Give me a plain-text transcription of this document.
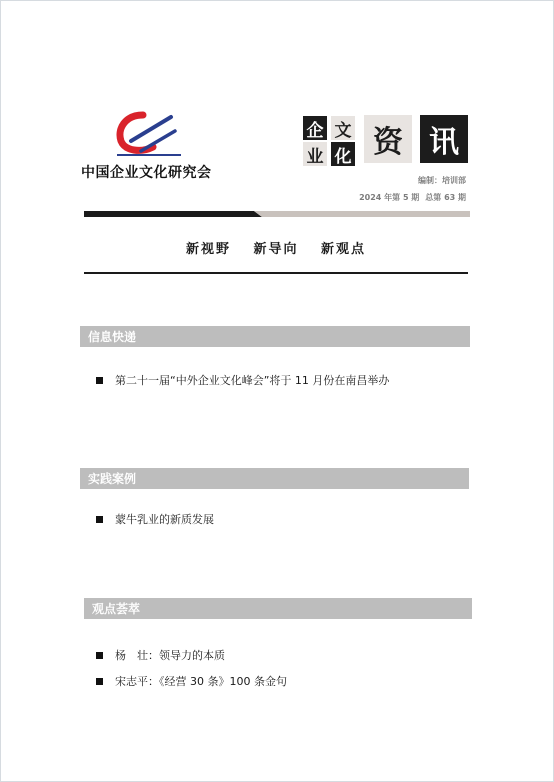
中国企业文化研究会
企 文
业 化 资 讯
编制：培训部
2024 年第 5 期 总第 63 期
新视野 新导向 新观点
信息快递
第二十一届“中外企业文化峰会”将于 11 月份在南昌举办
实践案例
蒙牛乳业的新质发展
观点荟萃
杨　壮：领导力的本质
宋志平：《经营 30 条》100 条金句
